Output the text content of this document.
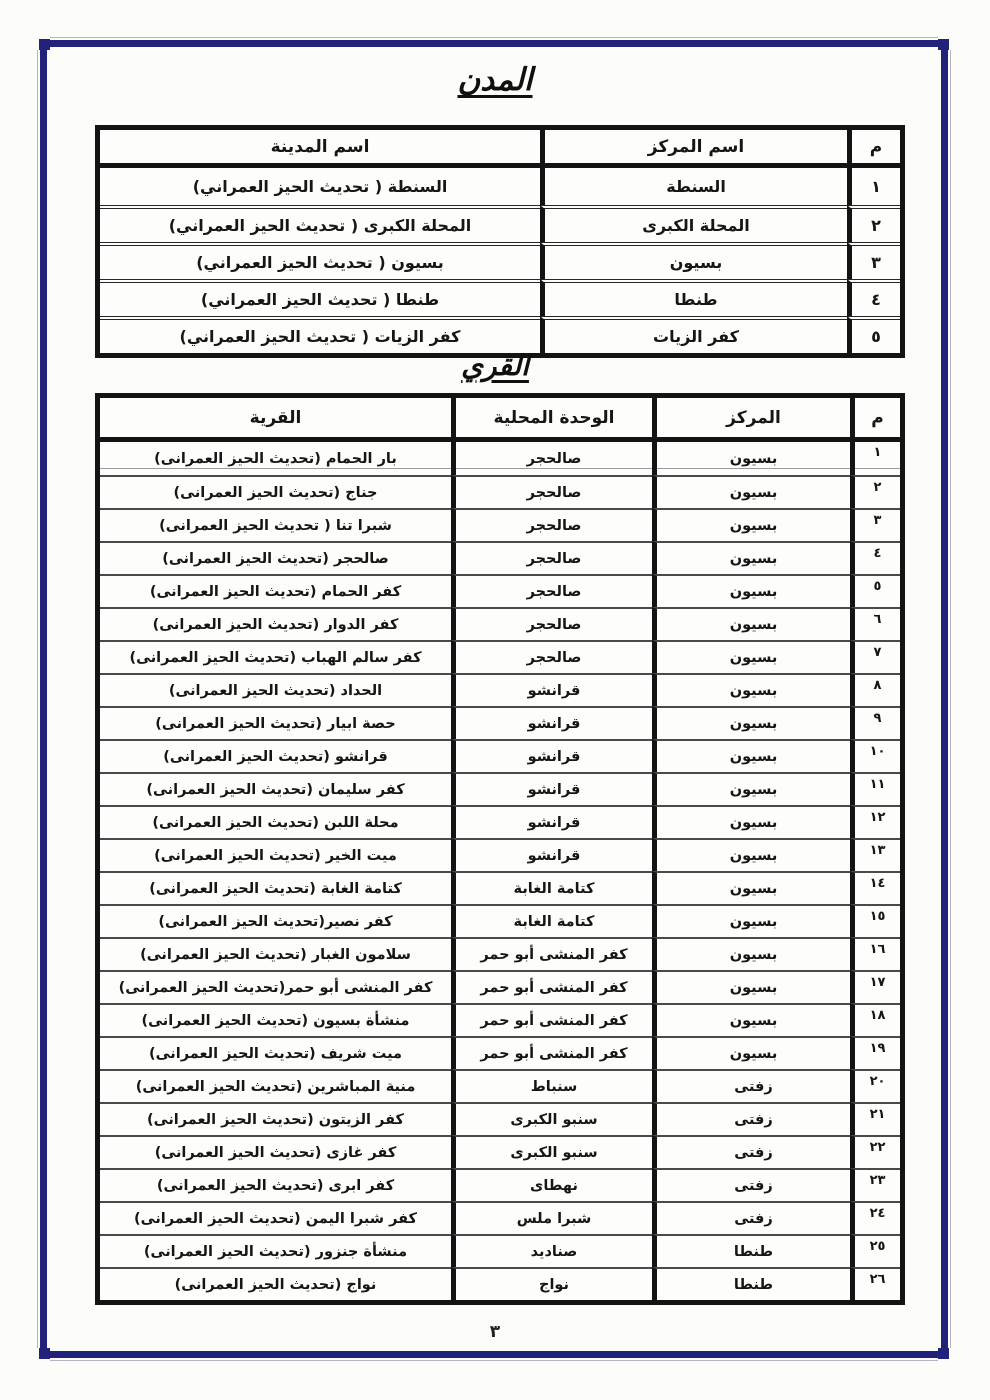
المدن
م	اسم المركز	اسم المدينة
١	السنطة	السنطة ( تحديث الحيز العمراني)
٢	المحلة الكبرى	المحلة الكبرى ( تحديث الحيز العمراني)
٣	بسيون	بسيون ( تحديث الحيز العمراني)
٤	طنطا	طنطا ( تحديث الحيز العمراني)
٥	كفر الزيات	كفر الزيات ( تحديث الحيز العمراني)
القري
م	المركز	الوحدة المحلية	القرية
١	بسيون	صالحجر	بار الحمام (تحديث الحيز العمرانى)
٢	بسيون	صالحجر	جناج (تحديث الحيز العمرانى)
٣	بسيون	صالحجر	شبرا تنا ( تحديث الحيز العمرانى)
٤	بسيون	صالحجر	صالحجر (تحديث الحيز العمرانى)
٥	بسيون	صالحجر	كفر الحمام (تحديث الحيز العمرانى)
٦	بسيون	صالحجر	كفر الدوار (تحديث الحيز العمرانى)
٧	بسيون	صالحجر	كفر سالم الهباب (تحديث الحيز العمرانى)
٨	بسيون	قرانشو	الحداد (تحديث الحيز العمرانى)
٩	بسيون	قرانشو	حصة ابيار (تحديث الحيز العمرانى)
١٠	بسيون	قرانشو	قرانشو (تحديث الحيز العمرانى)
١١	بسيون	قرانشو	كفر سليمان (تحديث الحيز العمرانى)
١٢	بسيون	قرانشو	محلة اللبن (تحديث الحيز العمرانى)
١٣	بسيون	قرانشو	ميت الخير (تحديث الحيز العمرانى)
١٤	بسيون	كتامة الغابة	كتامة الغابة (تحديث الحيز العمرانى)
١٥	بسيون	كتامة الغابة	كفر نصير(تحديث الحيز العمرانى)
١٦	بسيون	كفر المنشى أبو حمر	سلامون الغبار (تحديث الحيز العمرانى)
١٧	بسيون	كفر المنشى أبو حمر	كفر المنشى أبو حمر(تحديث الحيز العمرانى)
١٨	بسيون	كفر المنشى أبو حمر	منشأة بسيون (تحديث الحيز العمرانى)
١٩	بسيون	كفر المنشى أبو حمر	ميت شريف (تحديث الحيز العمرانى)
٢٠	زفتى	سنباط	منية المباشرين (تحديث الحيز العمرانى)
٢١	زفتى	سنبو الكبرى	كفر الزيتون (تحديث الحيز العمرانى)
٢٢	زفتى	سنبو الكبرى	كفر غازى (تحديث الحيز العمرانى)
٢٣	زفتى	نهطاى	كفر ابرى (تحديث الحيز العمرانى)
٢٤	زفتى	شبرا ملس	كفر شبرا اليمن (تحديث الحيز العمرانى)
٢٥	طنطا	صناديد	منشأة جنزور (تحديث الحيز العمرانى)
٢٦	طنطا	نواج	نواج (تحديث الحيز العمرانى)
٣
